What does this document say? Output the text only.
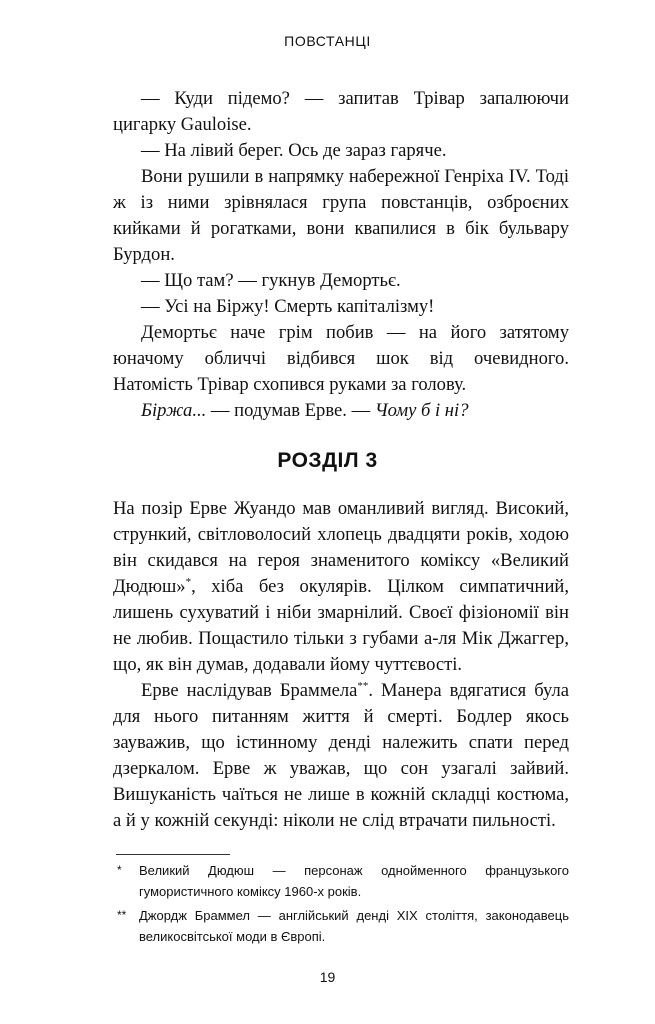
ПОВСТАНЦІ

— Куди підемо? — запитав Трівар запалюючи цигарку Gauloise.

— На лівий берег. Ось де зараз гаряче.

Вони рушили в напрямку набережної Генріха IV. Тоді ж із ними зрівнялася група повстанців, озброєних кийками й рогатками, вони квапилися в бік бульвару Бурдон.

— Що там? — гукнув Демортьє.

— Усі на Біржу! Смерть капіталізму!

Демортьє наче грім побив — на його затятому юначому обличчі відбився шок від очевидного. Натомість Трівар схопився руками за голову.

Біржа... — подумав Ерве. — Чому б і ні?

РОЗДІЛ 3

На позір Ерве Жуандо мав оманливий вигляд. Високий, стрункий, світловолосий хлопець двадцяти років, ходою він скидався на героя знаменитого коміксу «Великий Дюдюш»*, хіба без окулярів. Цілком симпатичний, лишень сухуватий і ніби змарнілий. Своєї фізіономії він не любив. Пощастило тільки з губами а-ля Мік Джаггер, що, як він думав, додавали йому чуттєвості.

Ерве наслідував Браммела**. Манера вдягатися була для нього питанням життя й смерті. Бодлер якось зауважив, що істинному денді належить спати перед дзеркалом. Ерве ж уважав, що сон узагалі зайвий. Вишуканість чаїться не лише в кожній складці костюма, а й у кожній секунді: ніколи не слід втрачати пильності.

* Великий Дюдюш — персонаж однойменного французького гумористичного коміксу 1960-х років.
** Джордж Браммел — англійський денді XIX століття, законодавець великосвітської моди в Європі.
19
